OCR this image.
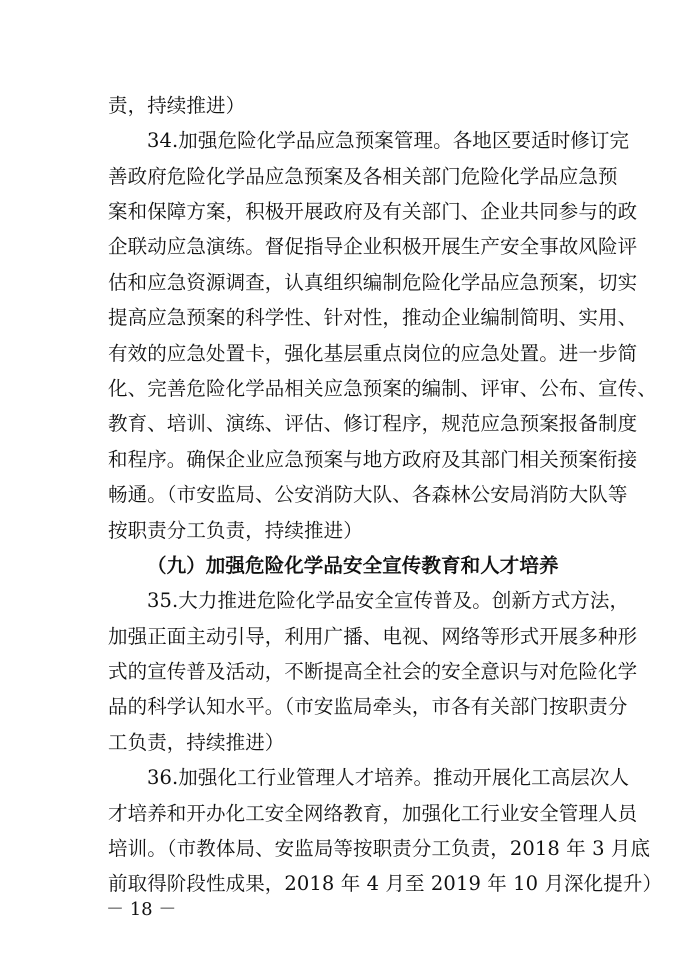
责，持续推进）
34.加强危险化学品应急预案管理。各地区要适时修订完
善政府危险化学品应急预案及各相关部门危险化学品应急预
案和保障方案，积极开展政府及有关部门、企业共同参与的政
企联动应急演练。督促指导企业积极开展生产安全事故风险评
估和应急资源调查，认真组织编制危险化学品应急预案，切实
提高应急预案的科学性、针对性，推动企业编制简明、实用、
有效的应急处置卡，强化基层重点岗位的应急处置。进一步简
化、完善危险化学品相关应急预案的编制、评审、公布、宣传、
教育、培训、演练、评估、修订程序，规范应急预案报备制度
和程序。确保企业应急预案与地方政府及其部门相关预案衔接
畅通。（市安监局、公安消防大队、各森林公安局消防大队等
按职责分工负责，持续推进）
（九）加强危险化学品安全宣传教育和人才培养
35.大力推进危险化学品安全宣传普及。创新方式方法，
加强正面主动引导，利用广播、电视、网络等形式开展多种形
式的宣传普及活动，不断提高全社会的安全意识与对危险化学
品的科学认知水平。（市安监局牵头，市各有关部门按职责分
工负责，持续推进）
36.加强化工行业管理人才培养。推动开展化工高层次人
才培养和开办化工安全网络教育，加强化工行业安全管理人员
培训。（市教体局、安监局等按职责分工负责，2018 年 3 月底
前取得阶段性成果，2018 年 4 月至 2019 年 10 月深化提升）
－ 18 －
